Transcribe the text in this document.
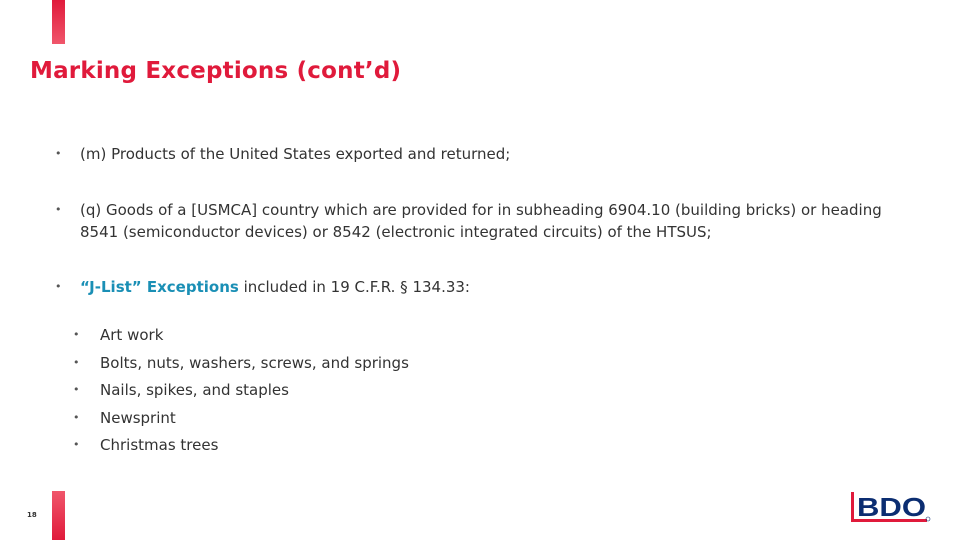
Marking Exceptions (cont’d)
• (m) Products of the United States exported and returned;
• (q) Goods of a [USMCA] country which are provided for in subheading 6904.10 (building bricks) or heading 8541 (semiconductor devices) or 8542 (electronic integrated circuits) of the HTSUS;
• “J-List” Exceptions included in 19 C.F.R. § 134.33:
• Art work
• Bolts, nuts, washers, screws, and springs
• Nails, spikes, and staples
• Newsprint
• Christmas trees
18	BDO
